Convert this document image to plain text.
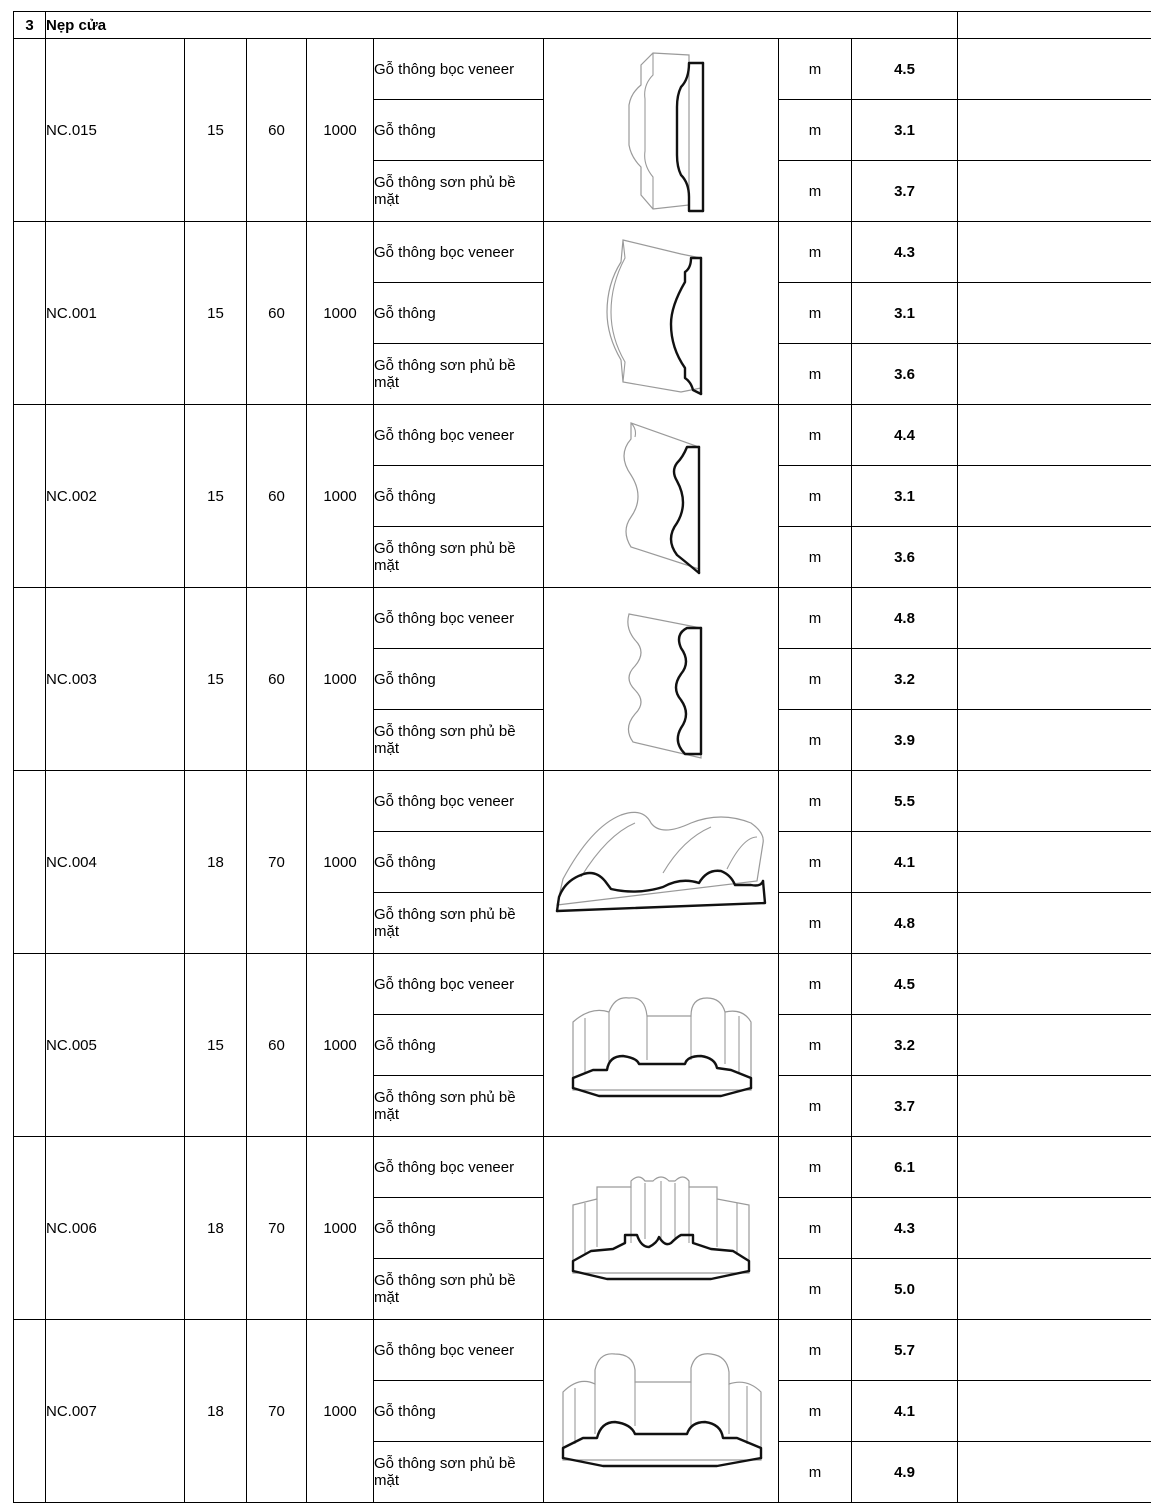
3	Nẹp cửa								
	NC.015	15	60	1000	Gỗ thông bọc veneer		m	4.5	
					Gỗ thông		m	3.1	
					Gỗ thông sơn phủ bề mặt		m	3.7	
	NC.001	15	60	1000	Gỗ thông bọc veneer		m	4.3	
					Gỗ thông		m	3.1	
					Gỗ thông sơn phủ bề mặt		m	3.6	
	NC.002	15	60	1000	Gỗ thông bọc veneer		m	4.4	
					Gỗ thông		m	3.1	
					Gỗ thông sơn phủ bề mặt		m	3.6	
	NC.003	15	60	1000	Gỗ thông bọc veneer		m	4.8	
					Gỗ thông		m	3.2	
					Gỗ thông sơn phủ bề mặt		m	3.9	
	NC.004	18	70	1000	Gỗ thông bọc veneer		m	5.5	
					Gỗ thông		m	4.1	
					Gỗ thông sơn phủ bề mặt		m	4.8	
	NC.005	15	60	1000	Gỗ thông bọc veneer		m	4.5	
					Gỗ thông		m	3.2	
					Gỗ thông sơn phủ bề mặt		m	3.7	
	NC.006	18	70	1000	Gỗ thông bọc veneer		m	6.1	
					Gỗ thông		m	4.3	
					Gỗ thông sơn phủ bề mặt		m	5.0	
	NC.007	18	70	1000	Gỗ thông bọc veneer		m	5.7	
					Gỗ thông		m	4.1	
					Gỗ thông sơn phủ bề mặt		m	4.9	
